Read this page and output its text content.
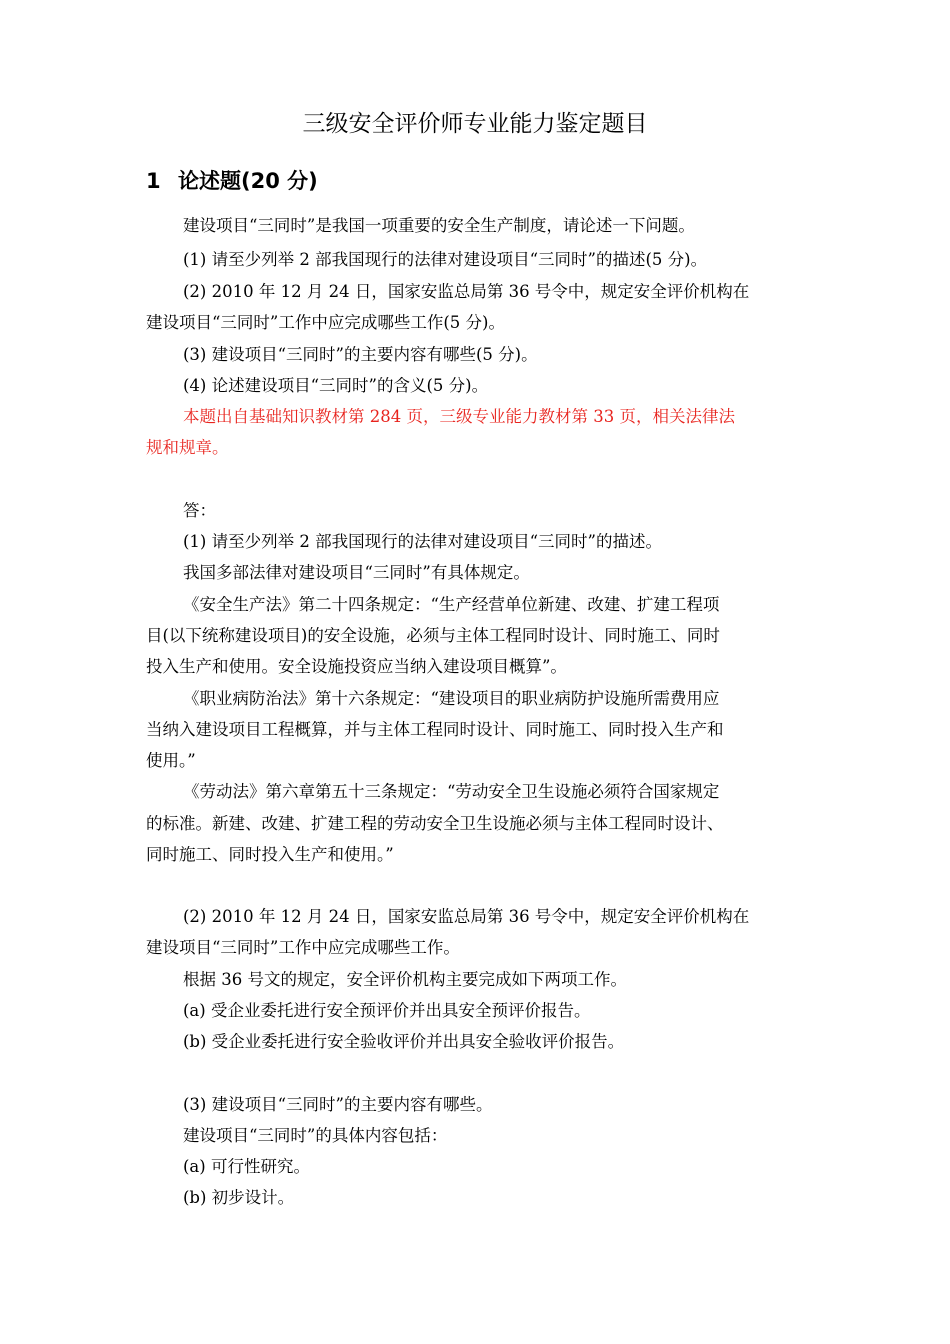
三级安全评价师专业能力鉴定题目
1 论述题(20 分)
建设项目“三同时”是我国一项重要的安全生产制度，请论述一下问题。
(1) 请至少列举 2 部我国现行的法律对建设项目“三同时”的描述(5 分)。
(2) 2010 年 12 月 24 日，国家安监总局第 36 号令中，规定安全评价机构在
建设项目“三同时”工作中应完成哪些工作(5 分)。
(3) 建设项目“三同时”的主要内容有哪些(5 分)。
(4) 论述建设项目“三同时”的含义(5 分)。
本题出自基础知识教材第 284 页，三级专业能力教材第 33 页，相关法律法
规和规章。
答：
(1) 请至少列举 2 部我国现行的法律对建设项目“三同时”的描述。
我国多部法律对建设项目“三同时”有具体规定。
《安全生产法》第二十四条规定：“生产经营单位新建、改建、扩建工程项
目(以下统称建设项目)的安全设施，必须与主体工程同时设计、同时施工、同时
投入生产和使用。安全设施投资应当纳入建设项目概算”。
《职业病防治法》第十六条规定：“建设项目的职业病防护设施所需费用应
当纳入建设项目工程概算，并与主体工程同时设计、同时施工、同时投入生产和
使用。”
《劳动法》第六章第五十三条规定：“劳动安全卫生设施必须符合国家规定
的标准。新建、改建、扩建工程的劳动安全卫生设施必须与主体工程同时设计、
同时施工、同时投入生产和使用。”
(2) 2010 年 12 月 24 日，国家安监总局第 36 号令中，规定安全评价机构在
建设项目“三同时”工作中应完成哪些工作。
根据 36 号文的规定，安全评价机构主要完成如下两项工作。
(a) 受企业委托进行安全预评价并出具安全预评价报告。
(b) 受企业委托进行安全验收评价并出具安全验收评价报告。
(3) 建设项目“三同时”的主要内容有哪些。
建设项目“三同时”的具体内容包括：
(a) 可行性研究。
(b) 初步设计。
